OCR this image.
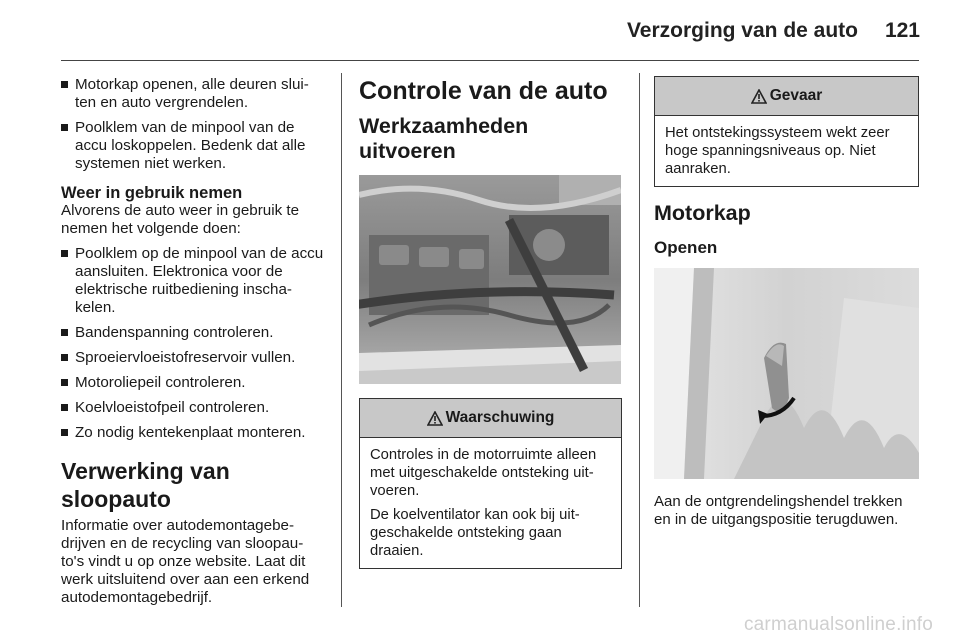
Verzorging van de auto 121
Motorkap openen, alle deuren slui-ten en auto vergrendelen.
Poolklem van de minpool van de accu loskoppelen. Bedenk dat alle systemen niet werken.
Weer in gebruik nemen

Alvorens de auto weer in gebruik te nemen het volgende doen:

Poolklem op de minpool van de accu aansluiten. Elektronica voor de elektrische ruitbediening inscha-kelen.
Bandenspanning controleren.
Sproeiervloeistofreservoir vullen.
Motoroliepeil controleren.
Koelvloeistofpeil controleren.
Zo nodig kentekenplaat monteren.
Verwerking van sloopauto

Informatie over autodemontagebe-drijven en de recycling van sloopau-to's vindt u op onze website. Laat dit werk uitsluitend over aan een erkend autodemontagebedrijf.

Controle van de auto
Werkzaamheden
uitvoeren
Waarschuwing

Controles in de motorruimte alleen met uitgeschakelde ontsteking uit-voeren.

De koelventilator kan ook bij uit-geschakelde ontsteking gaan draaien.

Gevaar

Het ontstekingssysteem wekt zeer hoge spanningsniveaus op. Niet aanraken.

Motorkap
Openen

Aan de ontgrendelingshendel trekken en in de uitgangspositie terugduwen.

carmanualsonline.info
